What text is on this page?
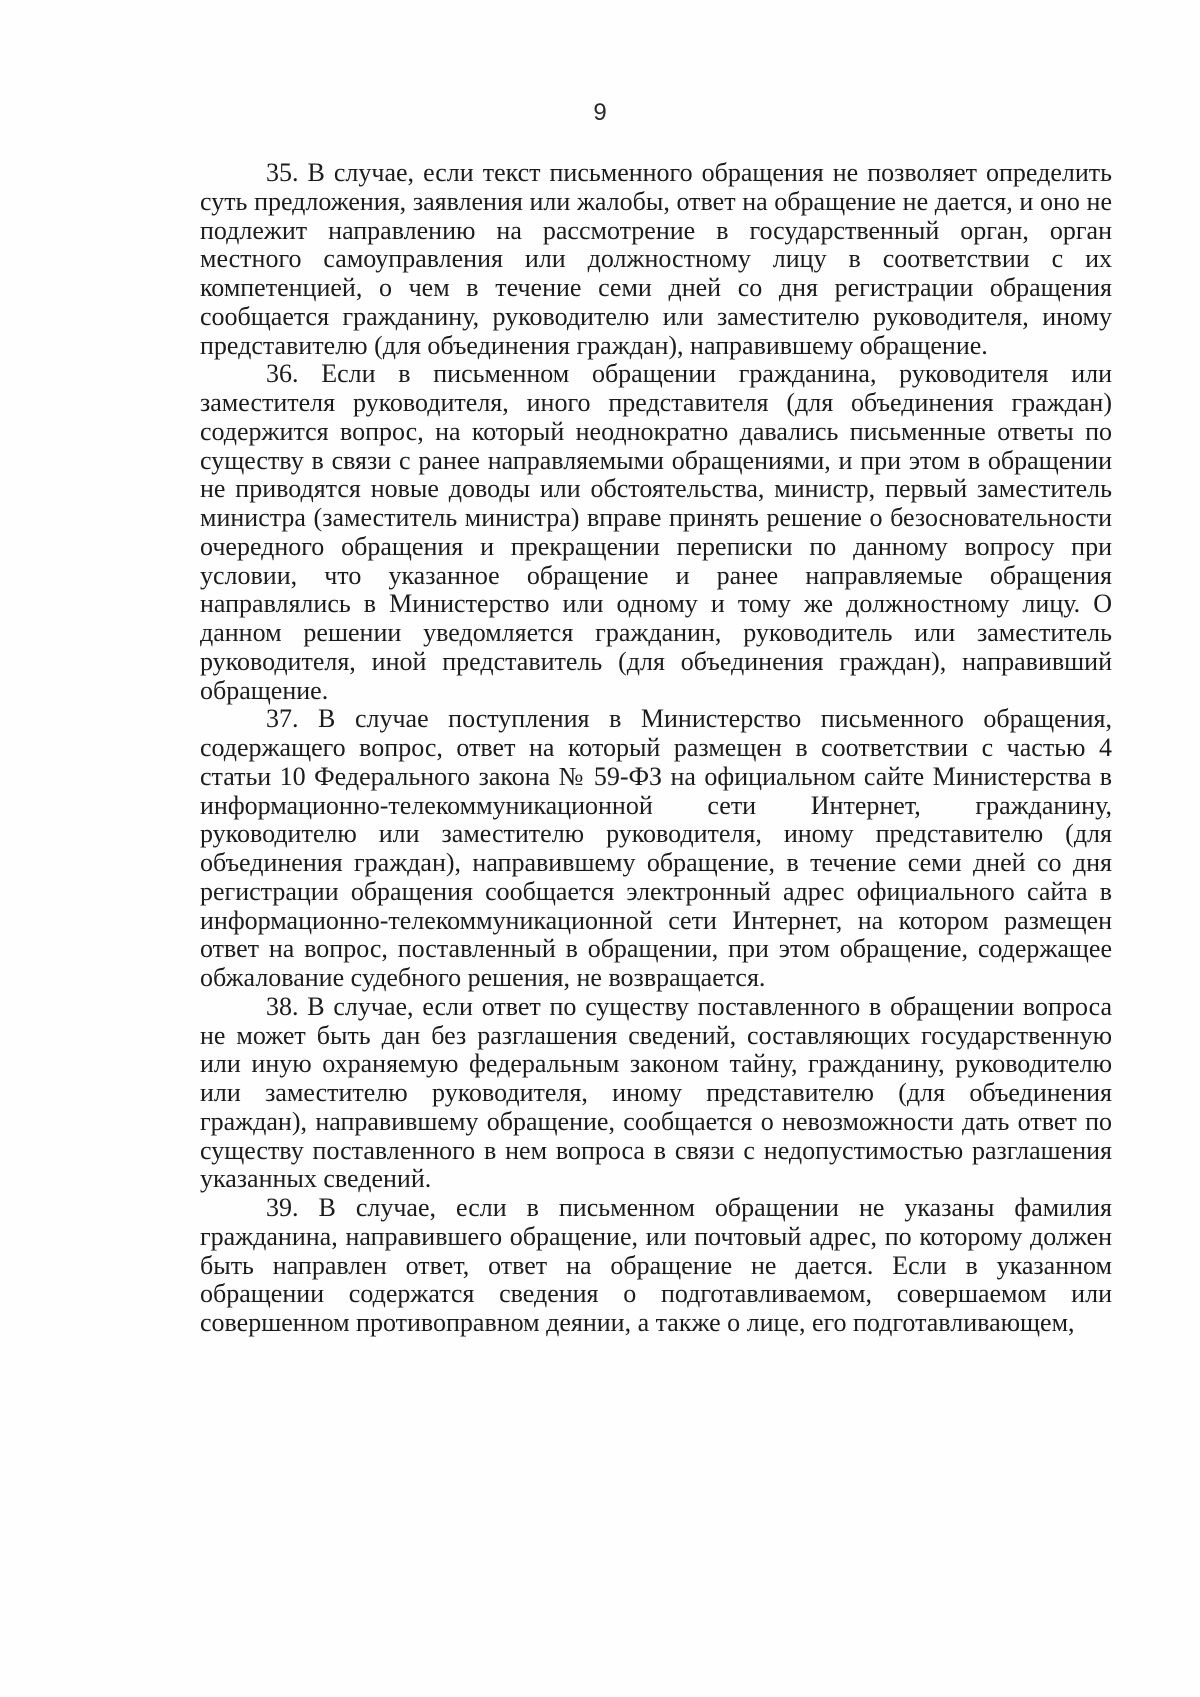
9

35. В случае, если текст письменного обращения не позволяет определить суть предложения, заявления или жалобы, ответ на обращение не дается, и оно не подлежит направлению на рассмотрение в государственный орган, орган местного самоуправления или должностному лицу в соответствии с их компетенцией, о чем в течение семи дней со дня регистрации обращения сообщается гражданину, руководителю или заместителю руководителя, иному представителю (для объединения граждан), направившему обращение.

36. Если в письменном обращении гражданина, руководителя или заместителя руководителя, иного представителя (для объединения граждан) содержится вопрос, на который неоднократно давались письменные ответы по существу в связи с ранее направляемыми обращениями, и при этом в обращении не приводятся новые доводы или обстоятельства, министр, первый заместитель министра (заместитель министра) вправе принять решение о безосновательности очередного обращения и прекращении переписки по данному вопросу при условии, что указанное обращение и ранее направляемые обращения направлялись в Министерство или одному и тому же должностному лицу. О данном решении уведомляется гражданин, руководитель или заместитель руководителя, иной представитель (для объединения граждан), направивший обращение.

37. В случае поступления в Министерство письменного обращения, содержащего вопрос, ответ на который размещен в соответствии с частью 4 статьи 10 Федерального закона № 59-ФЗ на официальном сайте Министерства в информационно-телекоммуникационной сети Интернет, гражданину, руководителю или заместителю руководителя, иному представителю (для объединения граждан), направившему обращение, в течение семи дней со дня регистрации обращения сообщается электронный адрес официального сайта в информационно-телекоммуникационной сети Интернет, на котором размещен ответ на вопрос, поставленный в обращении, при этом обращение, содержащее обжалование судебного решения, не возвращается.

38. В случае, если ответ по существу поставленного в обращении вопроса не может быть дан без разглашения сведений, составляющих государственную или иную охраняемую федеральным законом тайну, гражданину, руководителю или заместителю руководителя, иному представителю (для объединения граждан), направившему обращение, сообщается о невозможности дать ответ по существу поставленного в нем вопроса в связи с недопустимостью разглашения указанных сведений.

39. В случае, если в письменном обращении не указаны фамилия гражданина, направившего обращение, или почтовый адрес, по которому должен быть направлен ответ, ответ на обращение не дается. Если в указанном обращении содержатся сведения о подготавливаемом, совершаемом или совершенном противоправном деянии, а также о лице, его подготавливающем,
